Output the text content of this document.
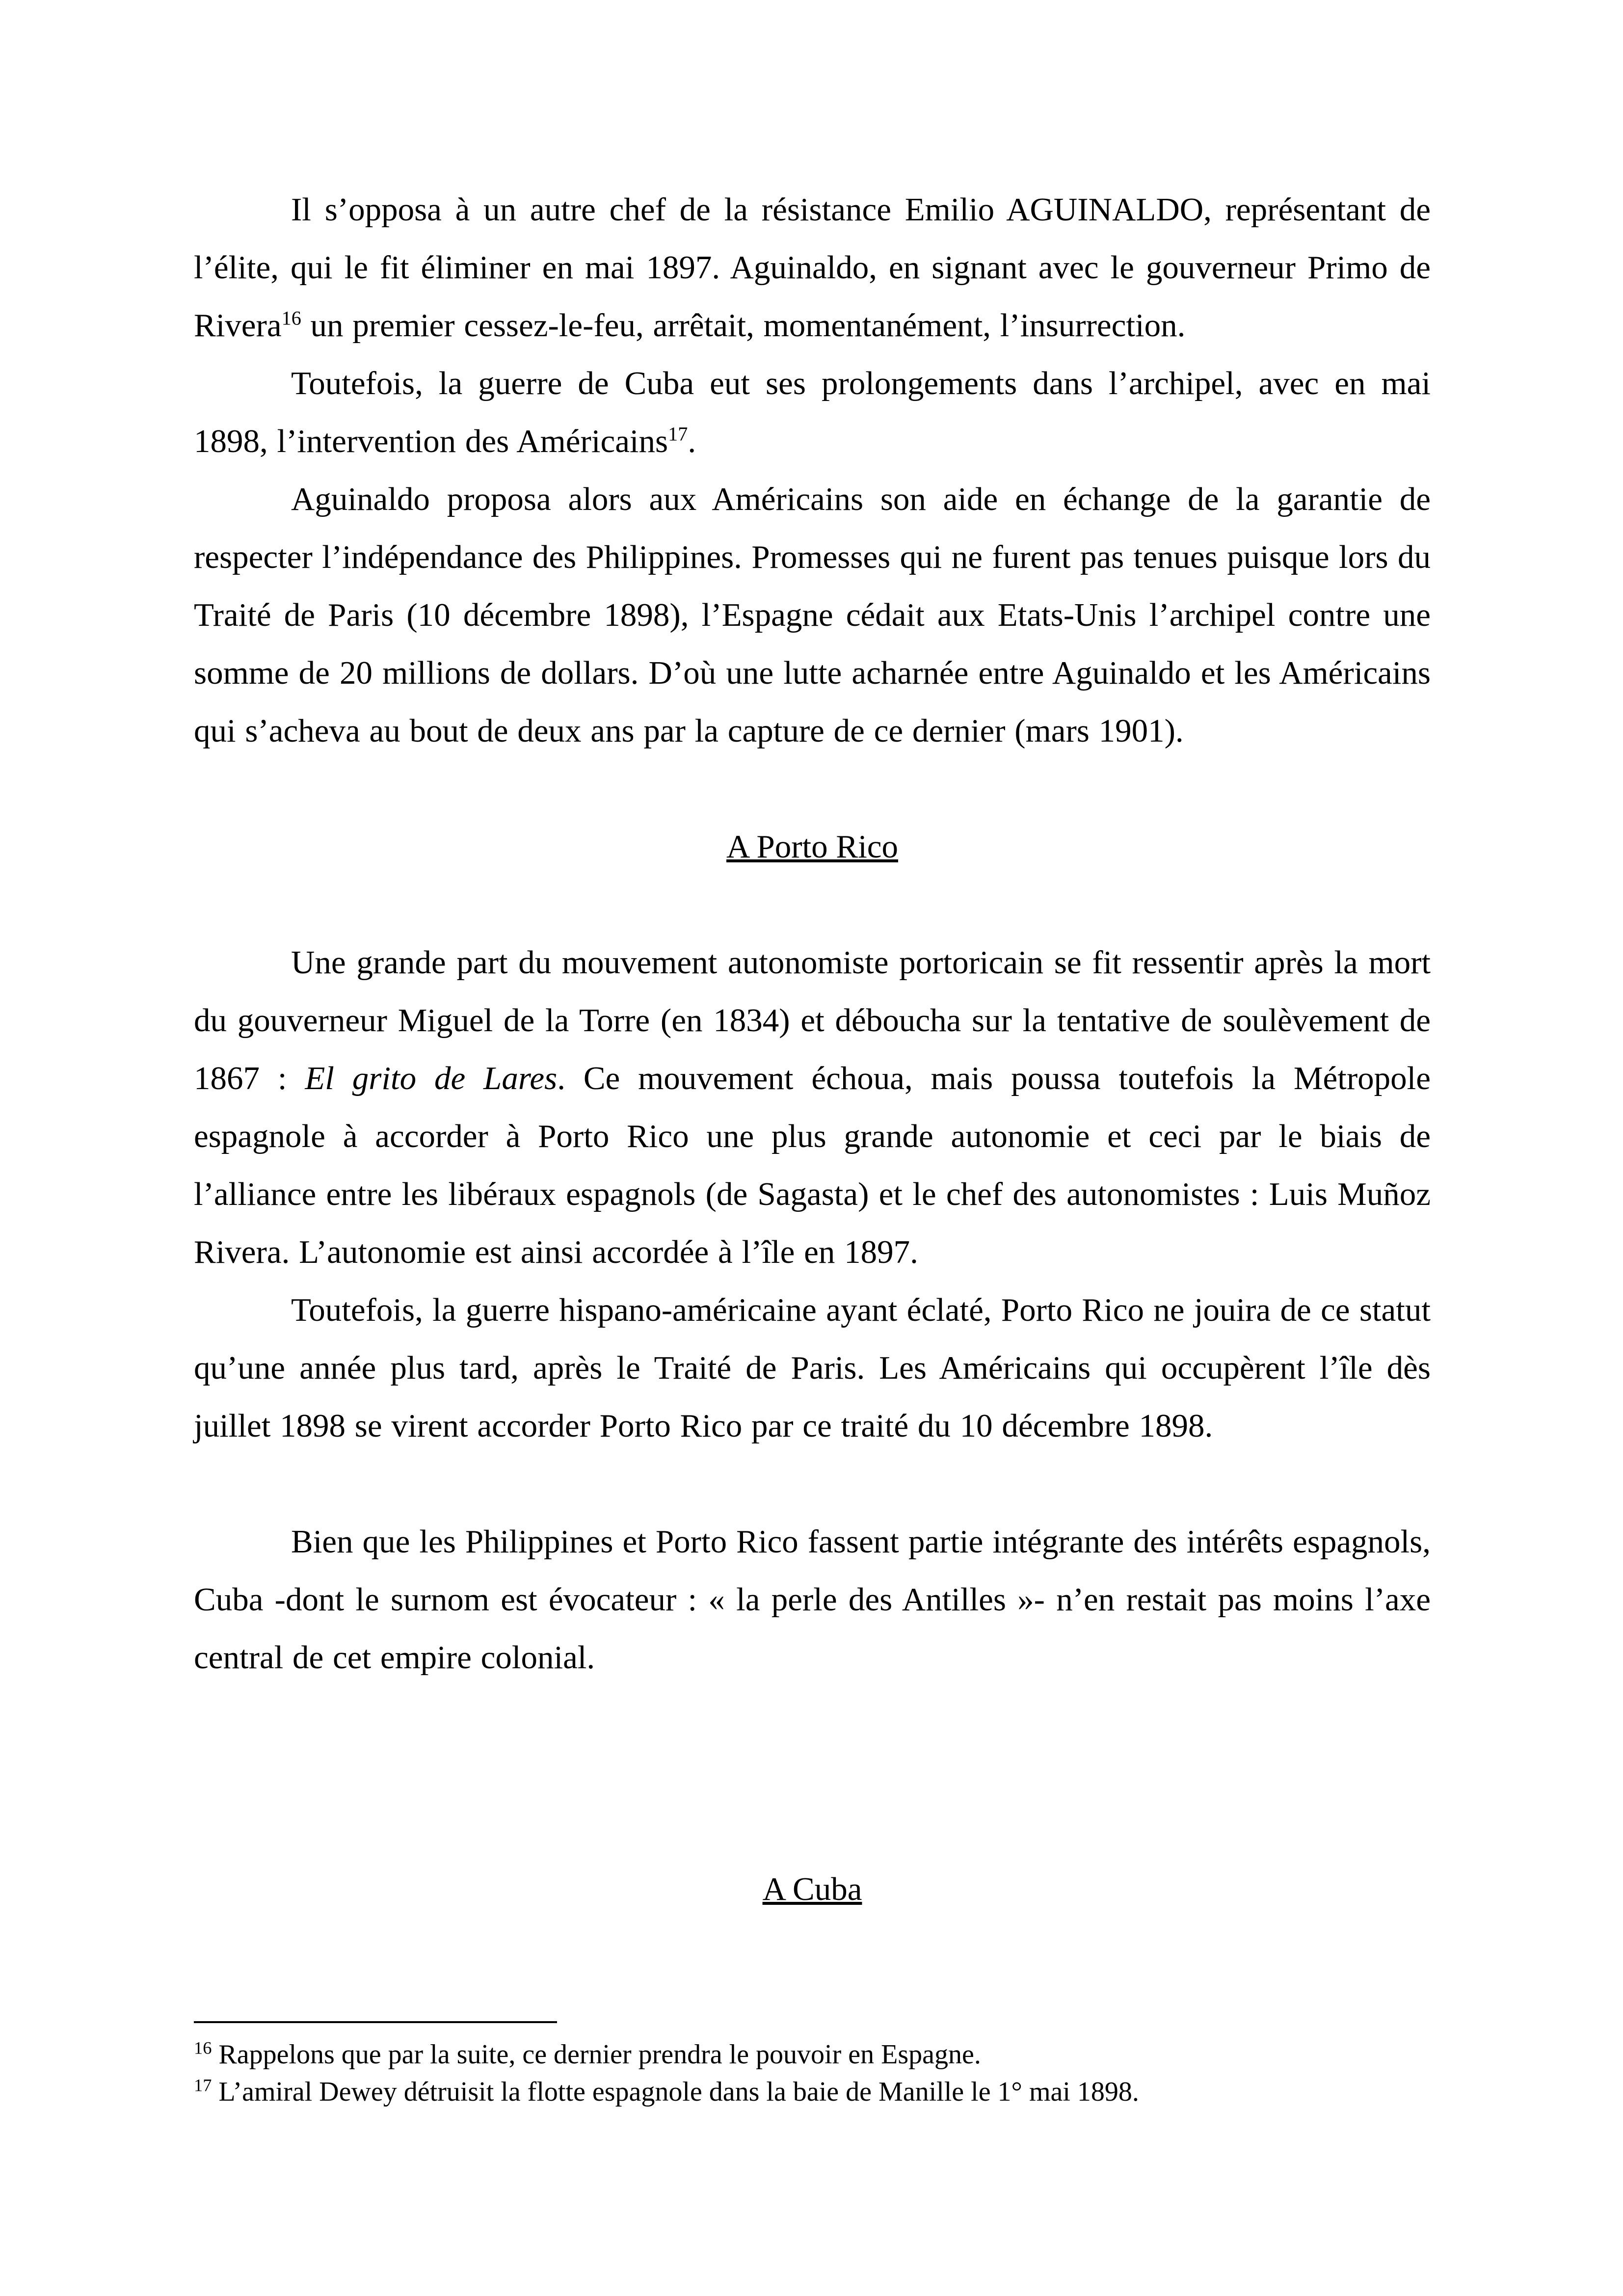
Il s’opposa à un autre chef de la résistance Emilio AGUINALDO, représentant de l’élite, qui le fit éliminer en mai 1897. Aguinaldo, en signant avec le gouverneur Primo de Rivera$^{16}$ un premier cessez-le-feu, arrêtait, momentanément, l’insurrection.

Toutefois, la guerre de Cuba eut ses prolongements dans l’archipel, avec en mai 1898, l’intervention des Américains$^{17}$.

Aguinaldo proposa alors aux Américains son aide en échange de la garantie de respecter l’indépendance des Philippines. Promesses qui ne furent pas tenues puisque lors du Traité de Paris (10 décembre 1898), l’Espagne cédait aux Etats-Unis l’archipel contre une somme de 20 millions de dollars. D’où une lutte acharnée entre Aguinaldo et les Américains qui s’acheva au bout de deux ans par la capture de ce dernier (mars 1901).

A Porto Rico

Une grande part du mouvement autonomiste portoricain se fit ressentir après la mort du gouverneur Miguel de la Torre (en 1834) et déboucha sur la tentative de soulèvement de 1867 : El grito de Lares. Ce mouvement échoua, mais poussa toutefois la Métropole espagnole à accorder à Porto Rico une plus grande autonomie et ceci par le biais de l’alliance entre les libéraux espagnols (de Sagasta) et le chef des autonomistes : Luis Muñoz Rivera. L’autonomie est ainsi accordée à l’île en 1897.

Toutefois, la guerre hispano-américaine ayant éclaté, Porto Rico ne jouira de ce statut qu’une année plus tard, après le Traité de Paris. Les Américains qui occupèrent l’île dès juillet 1898 se virent accorder Porto Rico par ce traité du 10 décembre 1898.

Bien que les Philippines et Porto Rico fassent partie intégrante des intérêts espagnols, Cuba -dont le surnom est évocateur : « la perle des Antilles »- n’en restait pas moins l’axe central de cet empire colonial.

A Cuba

$^{16}$ Rappelons que par la suite, ce dernier prendra le pouvoir en Espagne.

$^{17}$ L’amiral Dewey détruisit la flotte espagnole dans la baie de Manille le 1° mai 1898.
